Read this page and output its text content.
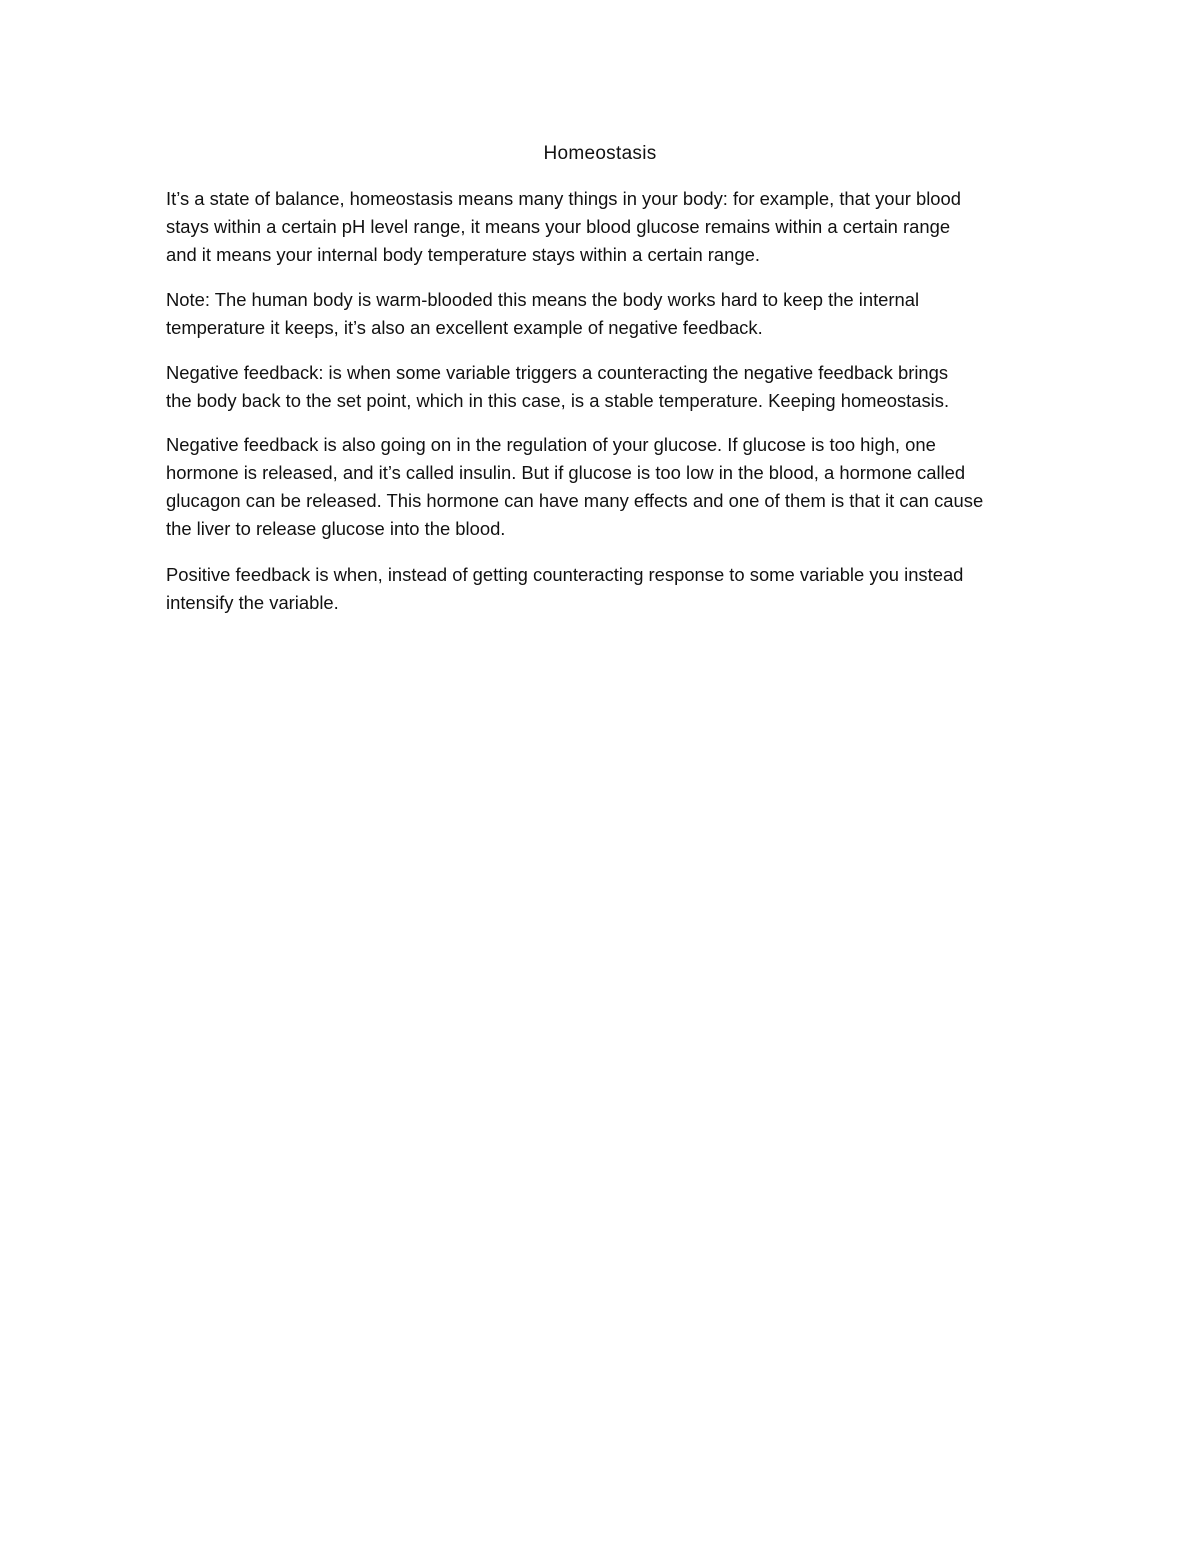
Homeostasis

It’s a state of balance, homeostasis means many things in your body: for example, that your blood
stays within a certain pH level range, it means your blood glucose remains within a certain range
and it means your internal body temperature stays within a certain range.

Note: The human body is warm-blooded this means the body works hard to keep the internal
temperature it keeps, it’s also an excellent example of negative feedback.

Negative feedback: is when some variable triggers a counteracting the negative feedback brings
the body back to the set point, which in this case, is a stable temperature. Keeping homeostasis.

Negative feedback is also going on in the regulation of your glucose. If glucose is too high, one
hormone is released, and it’s called insulin. But if glucose is too low in the blood, a hormone called
glucagon can be released. This hormone can have many effects and one of them is that it can cause
the liver to release glucose into the blood.

Positive feedback is when, instead of getting counteracting response to some variable you instead
intensify the variable.
